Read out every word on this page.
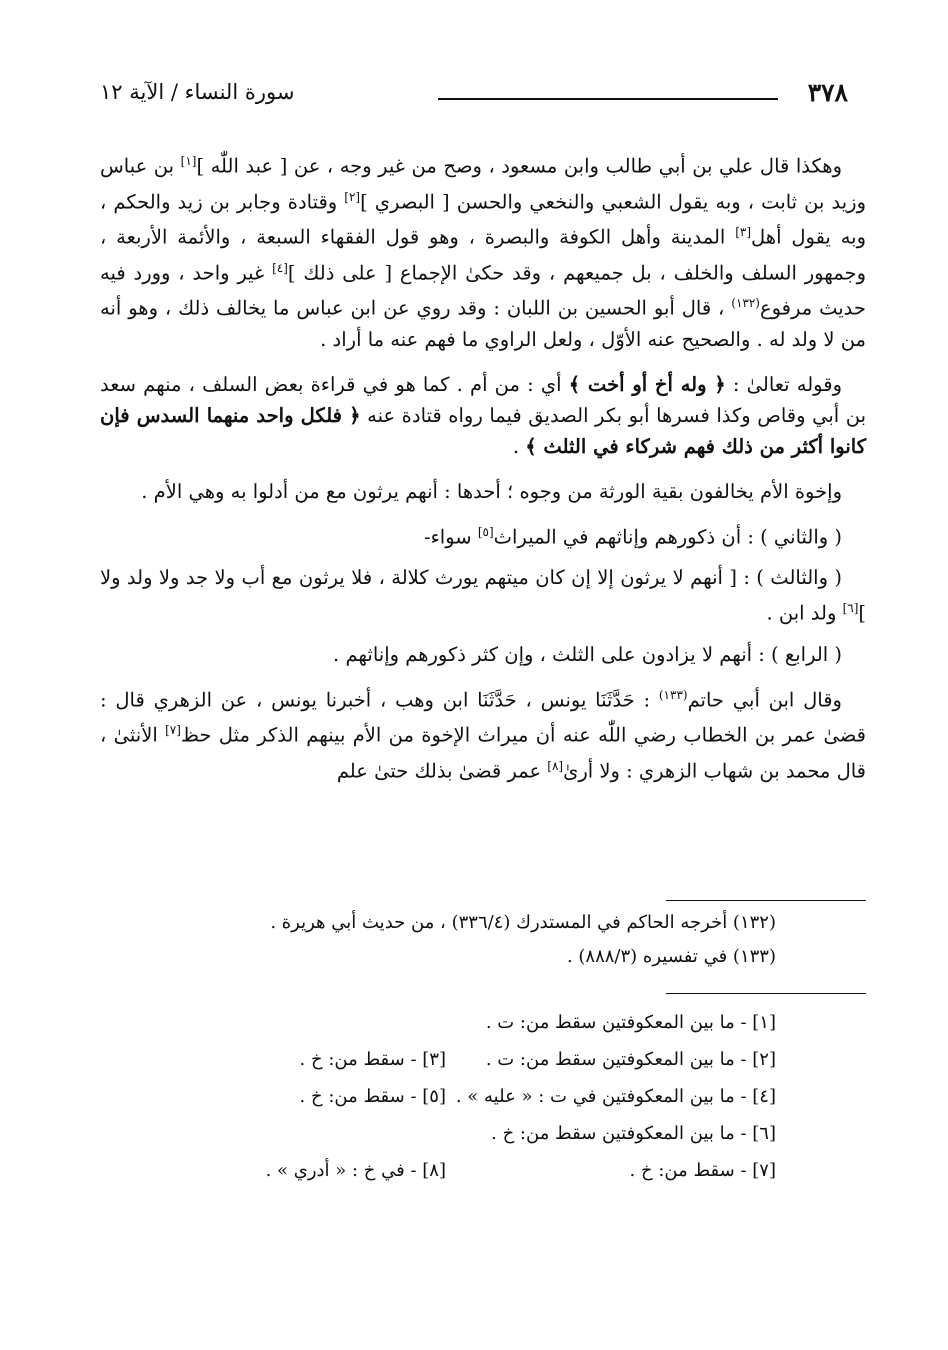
٣٧٨
سورة النساء / الآية ١٢

وهكذا قال علي بن أبي طالب وابن مسعود ، وصح من غير وجه ، عن [ عبد اللّٰه ][١] بن عباس وزيد بن ثابت ، وبه يقول الشعبي والنخعي والحسن [ البصري ][٢] وقتادة وجابر بن زيد والحكم ، وبه يقول أهل[٣] المدينة وأهل الكوفة والبصرة ، وهو قول الفقهاء السبعة ، والأئمة الأربعة ، وجمهور السلف والخلف ، بل جميعهم ، وقد حكىٰ الإجماع [ على ذلك ][٤] غير واحد ، وورد فيه حديث مرفوع$^{(١٣٢)}$ ، قال أبو الحسين بن اللبان : وقد روي عن ابن عباس ما يخالف ذلك ، وهو أنه من لا ولد له . والصحيح عنه الأوّل ، ولعل الراوي ما فهم عنه ما أراد .

وقوله تعالىٰ : ﴿ وله أخ أو أخت ﴾ أي : من أم . كما هو في قراءة بعض السلف ، منهم سعد بن أبي وقاص وكذا فسرها أبو بكر الصديق فيما رواه قتادة عنه ﴿ فلكل واحد منهما السدس فإن كانوا أكثر من ذلك فهم شركاء في الثلث ﴾ .

وإخوة الأم يخالفون بقية الورثة من وجوه ؛ أحدها : أنهم يرثون مع من أدلوا به وهي الأم .

( والثاني ) : أن ذكورهم وإناثهم في الميراث[٥] سواء-

( والثالث ) : [ أنهم لا يرثون إلا إن كان ميتهم يورث كلالة ، فلا يرثون مع أب ولا جد ولا ولد ولا ][٦] ولد ابن .

( الرابع ) : أنهم لا يزادون على الثلث ، وإن كثر ذكورهم وإناثهم .

وقال ابن أبي حاتم$^{(١٣٣)}$ : حَدَّثَنَا يونس ، حَدَّثَنَا ابن وهب ، أخبرنا يونس ، عن الزهري قال : قضىٰ عمر بن الخطاب رضي اللّٰه عنه أن ميراث الإخوة من الأم بينهم الذكر مثل حظ[٧] الأنثىٰ ، قال محمد بن شهاب الزهري : ولا أرىٰ[٨] عمر قضىٰ بذلك حتىٰ علم

(١٣٢) أخرجه الحاكم في المستدرك (٣٣٦/٤) ، من حديث أبي هريرة .
(١٣٣) في تفسيره (٨٨٨/٣) .
[١] - ما بين المعكوفتين سقط من: ت .
[٢] - ما بين المعكوفتين سقط من: ت .
[٣] - سقط من: خ .
[٤] - ما بين المعكوفتين في ت : « عليه » .
[٥] - سقط من: خ .
[٦] - ما بين المعكوفتين سقط من: خ .
[٧] - سقط من: خ .
[٨] - في خ : « أدري » .
